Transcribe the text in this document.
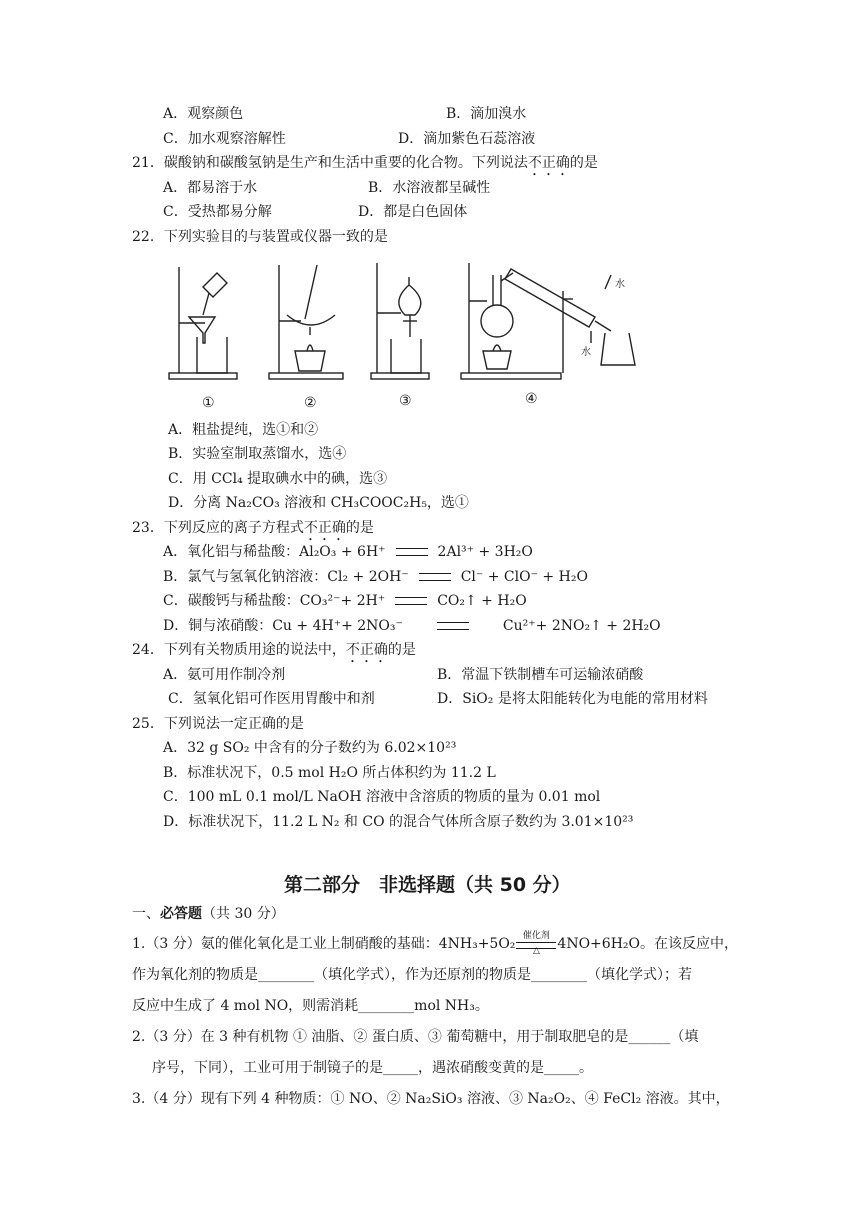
A．观察颜色	B．滴加溴水
C．加水观察溶解性	D．滴加紫色石蕊溶液
21．碳酸钠和碳酸氢钠是生产和生活中重要的化合物。下列说法不正确的是
A．都易溶于水	B．水溶液都呈碱性
C．受热都易分解	D．都是白色固体
22．下列实验目的与装置或仪器一致的是
水
水
①	②	③	④
A．粗盐提纯，选①和②
B．实验室制取蒸馏水，选④
C．用 CCl₄ 提取碘水中的碘，选③
D．分离 Na₂CO₃ 溶液和 CH₃COOC₂H₅，选①
23．下列反应的离子方程式不正确的是
A．氧化铝与稀盐酸：Al₂O₃ + 6H⁺	2Al³⁺ + 3H₂O
B．氯气与氢氧化钠溶液：Cl₂ + 2OH⁻	Cl⁻ + ClO⁻ + H₂O
C．碳酸钙与稀盐酸：CO₃²⁻+ 2H⁺	CO₂↑ + H₂O
D．铜与浓硝酸：Cu + 4H⁺+ 2NO₃⁻	Cu²⁺+ 2NO₂↑ + 2H₂O
24．下列有关物质用途的说法中，不正确的是
A．氨可用作制冷剂	B．常温下铁制槽车可运输浓硝酸
C．氢氧化铝可作医用胃酸中和剂	D．SiO₂ 是将太阳能转化为电能的常用材料
25．下列说法一定正确的是
A．32 g SO₂ 中含有的分子数约为 6.02×10²³
B．标准状况下，0.5 mol H₂O 所占体积约为 11.2 L
C．100 mL 0.1 mol/L NaOH 溶液中含溶质的物质的量为 0.01 mol
D．标准状况下，11.2 L N₂ 和 CO 的混合气体所含原子数约为 3.01×10²³
第二部分　非选择题（共 50 分）
一、必答题（共 30 分）
1.（3 分）氨的催化氧化是工业上制硝酸的基础：4NH₃+5O₂ 催化剂
△	4NO+6H₂O。在该反应中，
作为氧化剂的物质是________（填化学式），作为还原剂的物质是________（填化学式）；若
反应中生成了 4 mol NO，则需消耗________mol NH₃。
2.（3 分）在 3 种有机物 ① 油脂、② 蛋白质、③ 葡萄糖中，用于制取肥皂的是______（填
序号，下同），工业可用于制镜子的是_____，遇浓硝酸变黄的是_____。
3.（4 分）现有下列 4 种物质：① NO、② Na₂SiO₃ 溶液、③ Na₂O₂、④ FeCl₂ 溶液。其中，
